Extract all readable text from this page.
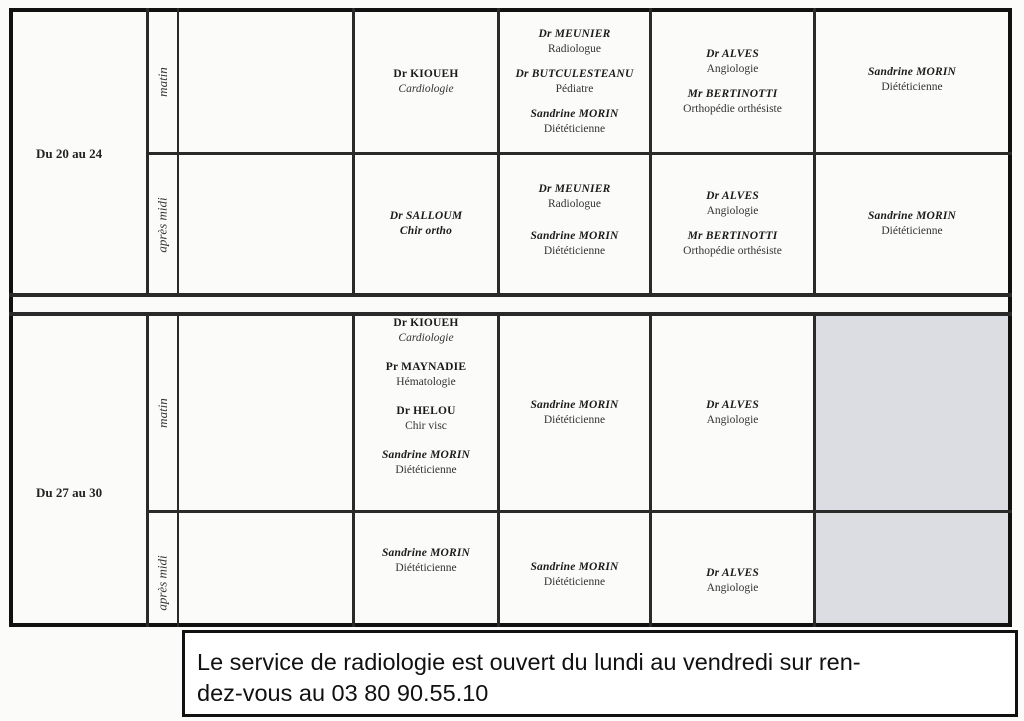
Du 20 au 24
Du 27 au 30
matin
après midi
matin
après midi
Dr KIOUEH
Cardiologie
Dr MEUNIER
Radiologue
Dr BUTCULESTEANU
Pédiatre
Sandrine MORIN
Diététicienne
Dr ALVES
Angiologie
Mr BERTINOTTI
Orthopédie orthésiste
Sandrine MORIN
Diététicienne
Dr SALLOUM
Chir ortho
Dr MEUNIER
Radiologue
Sandrine MORIN
Diététicienne
Dr ALVES
Angiologie
Mr BERTINOTTI
Orthopédie orthésiste
Sandrine MORIN
Diététicienne
Dr KIOUEH
Cardiologie
Pr MAYNADIE
Hématologie
Dr HELOU
Chir visc
Sandrine MORIN
Diététicienne
Sandrine MORIN
Diététicienne
Dr ALVES
Angiologie
Sandrine MORIN
Diététicienne	Sandrine MORIN
Diététicienne
Dr ALVES
Angiologie
Le service de radiologie est ouvert du lundi au vendredi sur ren-
dez-vous au 03 80 90.55.10
